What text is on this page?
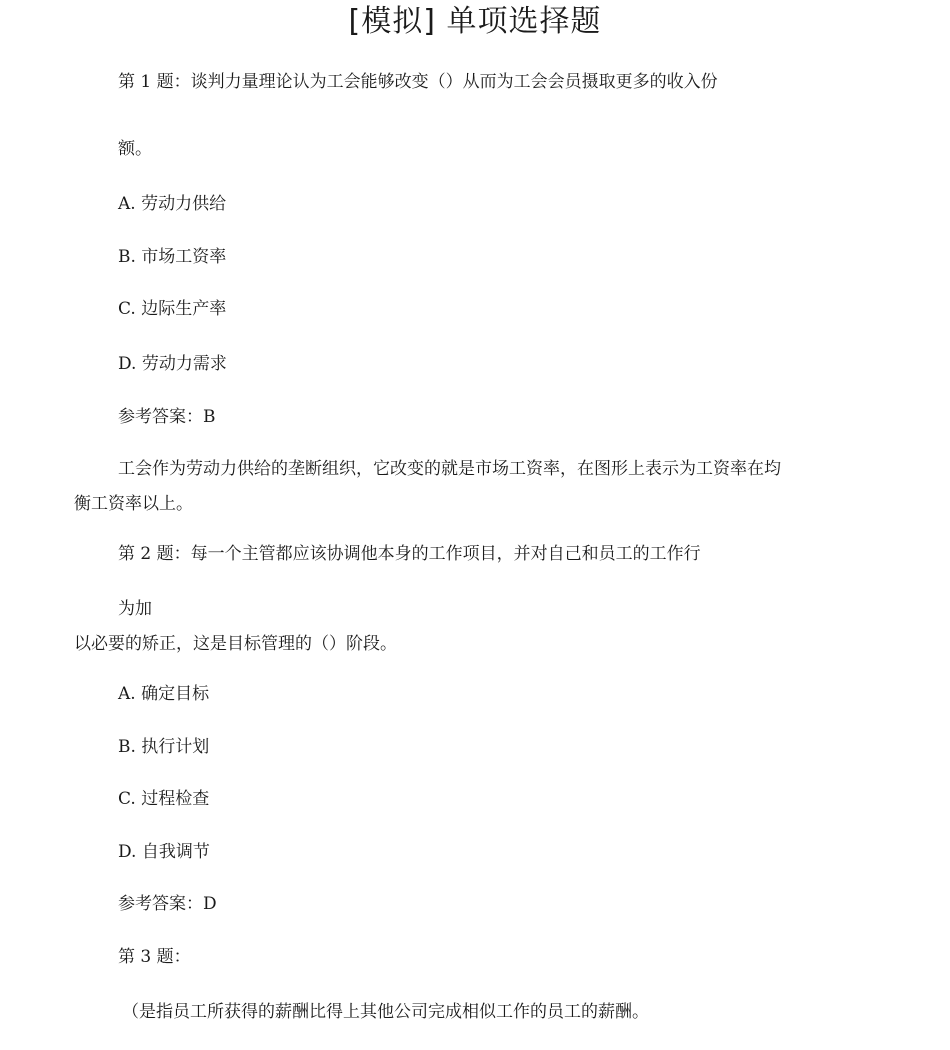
[模拟] 单项选择题
第 1 题：谈判力量理论认为工会能够改变（）从而为工会会员摄取更多的收入份
额。
A. 劳动力供给
B. 市场工资率
C. 边际生产率
D. 劳动力需求
参考答案：B
工会作为劳动力供给的垄断组织，它改变的就是市场工资率，在图形上表示为工资率在均
衡工资率以上。
第 2 题：每一个主管都应该协调他本身的工作项目，并对自己和员工的工作行
为加
以必要的矫正，这是目标管理的（）阶段。
A. 确定目标
B. 执行计划
C. 过程检查
D. 自我调节
参考答案：D
第 3 题：
（是指员工所获得的薪酬比得上其他公司完成相似工作的员工的薪酬。
